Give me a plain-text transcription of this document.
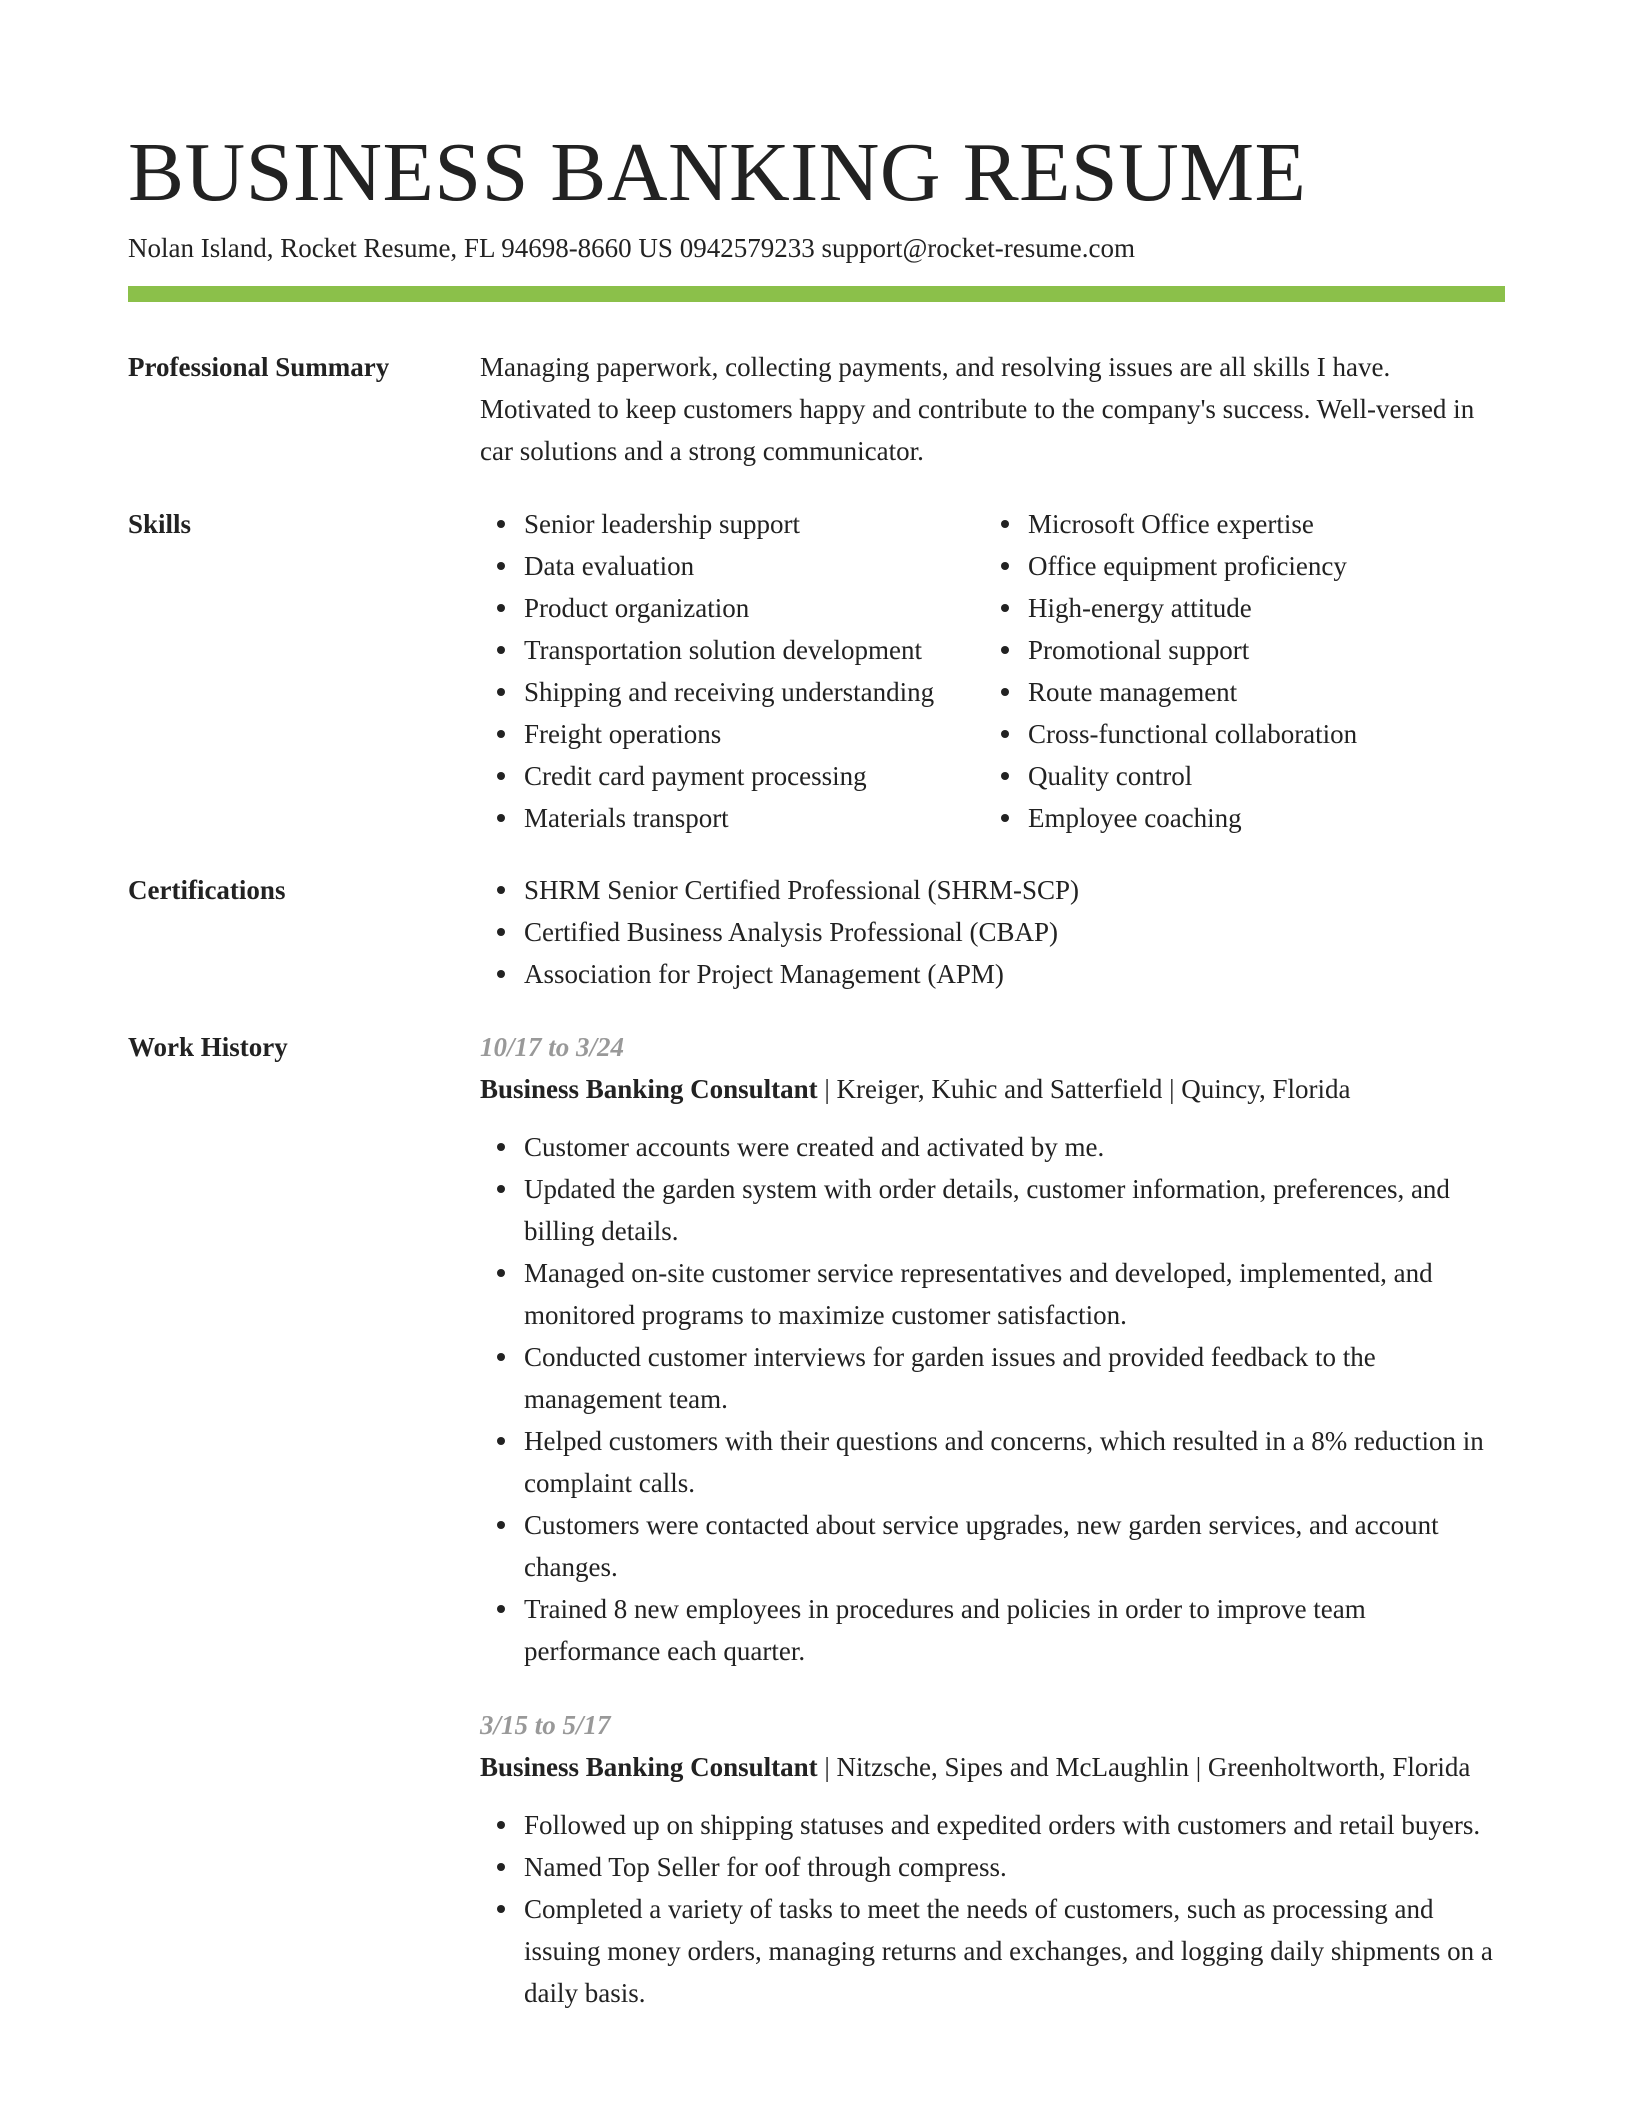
BUSINESS BANKING RESUME
Nolan Island, Rocket Resume, FL 94698-8660 US 0942579233 support@rocket-resume.com
Professional Summary	Managing paperwork, collecting payments, and resolving issues are all skills I have. Motivated to keep customers happy and contribute to the company's success. Well-versed in car solutions and a strong communicator.
Skills	Senior leadership support
Data evaluation
Product organization
Transportation solution development
Shipping and receiving understanding
Freight operations
Credit card payment processing
Materials transport
Microsoft Office expertise
Office equipment proficiency
High-energy attitude
Promotional support
Route management
Cross-functional collaboration
Quality control
Employee coaching
Certifications	SHRM Senior Certified Professional (SHRM-SCP)
Certified Business Analysis Professional (CBAP)
Association for Project Management (APM)
Work History	10/17 to 3/24
Business Banking Consultant | Kreiger, Kuhic and Satterfield | Quincy, Florida
Customer accounts were created and activated by me.
Updated the garden system with order details, customer information, preferences, and billing details.
Managed on-site customer service representatives and developed, implemented, and monitored programs to maximize customer satisfaction.
Conducted customer interviews for garden issues and provided feedback to the management team.
Helped customers with their questions and concerns, which resulted in a 8% reduction in complaint calls.
Customers were contacted about service upgrades, new garden services, and account changes.
Trained 8 new employees in procedures and policies in order to improve team performance each quarter.
3/15 to 5/17
Business Banking Consultant | Nitzsche, Sipes and McLaughlin | Greenholtworth, Florida
Followed up on shipping statuses and expedited orders with customers and retail buyers.
Named Top Seller for oof through compress.
Completed a variety of tasks to meet the needs of customers, such as processing and issuing money orders, managing returns and exchanges, and logging daily shipments on a daily basis.
